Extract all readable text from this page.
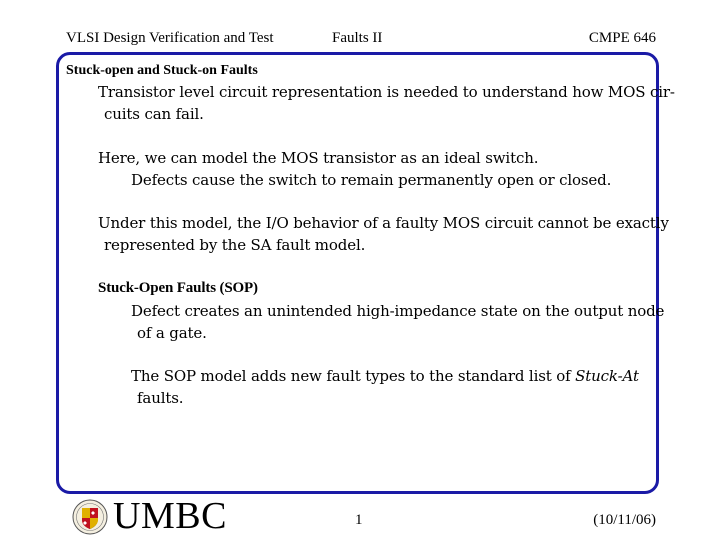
VLSI Design Verification and Test	Faults II	CMPE 646
Stuck-open and Stuck-on Faults
Transistor level circuit representation is needed to understand how MOS cir-
cuits can fail.
Here, we can model the MOS transistor as an ideal switch.
Defects cause the switch to remain permanently open or closed.
Under this model, the I/O behavior of a faulty MOS circuit cannot be exactly
represented by the SA fault model.
Stuck-Open Faults (SOP)
Defect creates an unintended high-impedance state on the output node
of a gate.
The SOP model adds new fault types to the standard list of Stuck-At
faults.
UMBC	1	(10/11/06)
